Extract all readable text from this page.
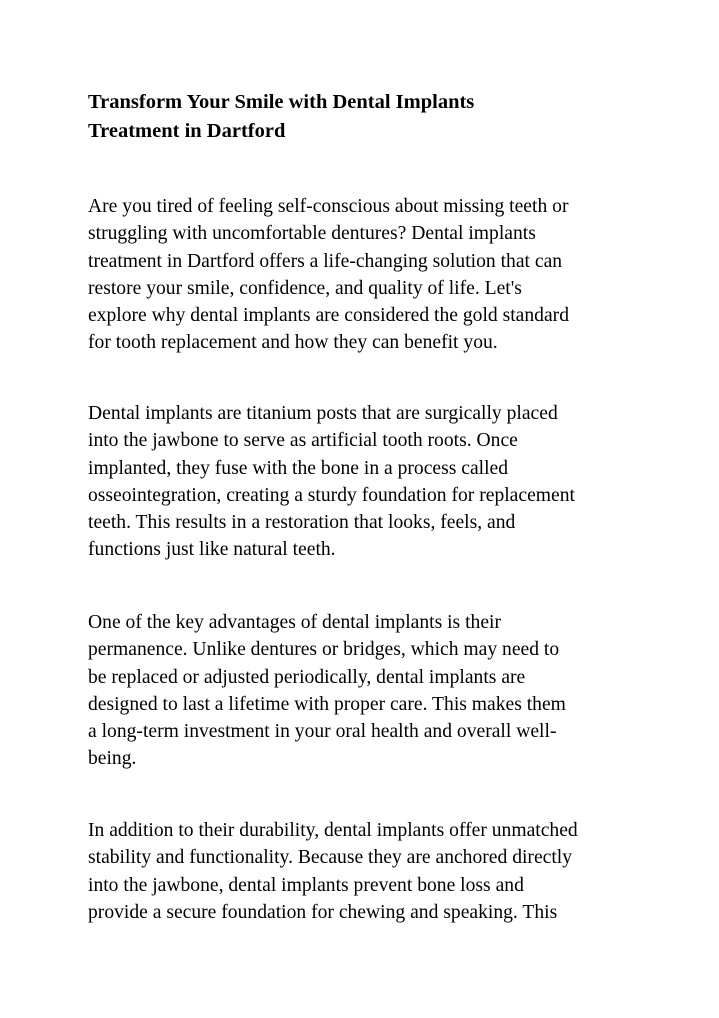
Transform Your Smile with Dental Implants
Treatment in Dartford

Are you tired of feeling self-conscious about missing teeth or
struggling with uncomfortable dentures? Dental implants
treatment in Dartford offers a life-changing solution that can
restore your smile, confidence, and quality of life. Let's
explore why dental implants are considered the gold standard
for tooth replacement and how they can benefit you.

Dental implants are titanium posts that are surgically placed
into the jawbone to serve as artificial tooth roots. Once
implanted, they fuse with the bone in a process called
osseointegration, creating a sturdy foundation for replacement
teeth. This results in a restoration that looks, feels, and
functions just like natural teeth.

One of the key advantages of dental implants is their
permanence. Unlike dentures or bridges, which may need to
be replaced or adjusted periodically, dental implants are
designed to last a lifetime with proper care. This makes them
a long-term investment in your oral health and overall well-
being.

In addition to their durability, dental implants offer unmatched
stability and functionality. Because they are anchored directly
into the jawbone, dental implants prevent bone loss and
provide a secure foundation for chewing and speaking. This
